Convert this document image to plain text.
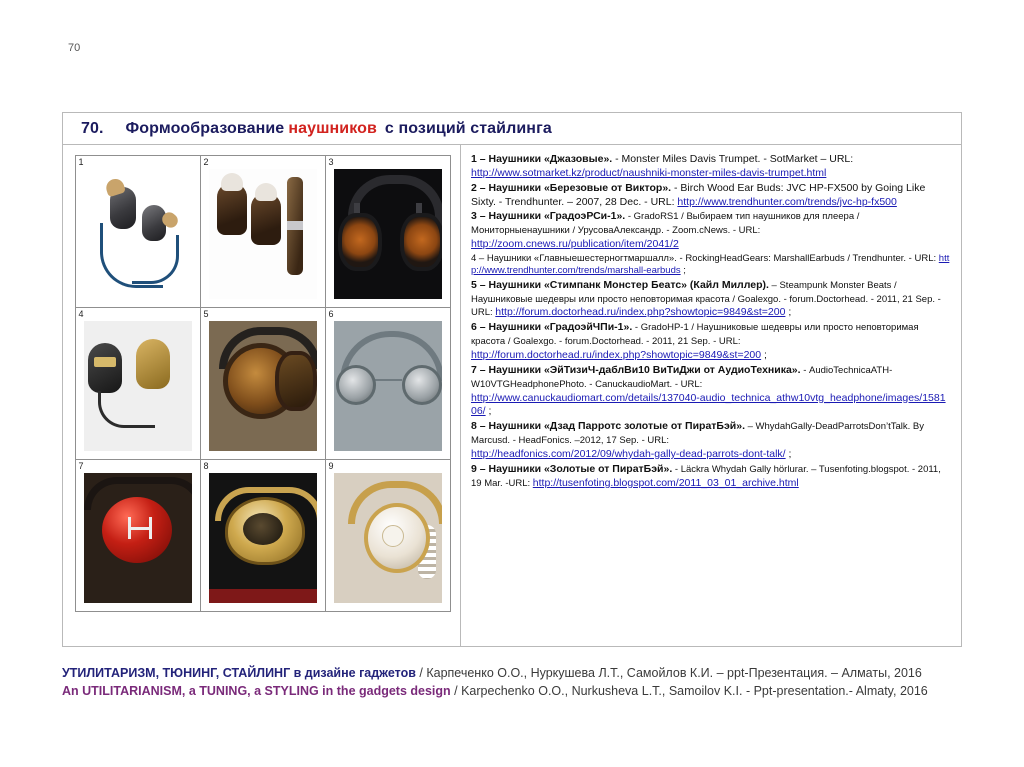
70
70. Формообразование наушников с позиций стайлинга
1	2	3
4	5	6
7	8	9
1 – Наушники «Джазовые». - Monster Miles Davis Trumpet. - SotMarket – URL:
http://www.sotmarket.kz/product/naushniki-monster-miles-davis-trumpet.html
2 – Наушники «Березовые от Виктор». - Birch Wood Ear Buds: JVC HP-FX500 by Going Like Sixty. - Trendhunter. – 2007, 28 Dec. - URL: http://www.trendhunter.com/trends/jvc-hp-fx500
3 – Наушники «ГрадоэРСи-1». - GradoRS1 / Выбираем тип наушников для плеера / Мониторныенаушники / УрусоваАлександр. - Zoom.cNews. - URL:
http://zoom.cnews.ru/publication/item/2041/2
4 – Наушники «Главныешестерногтмаршалл». - RockingHeadGears: MarshallEarbuds / Trendhunter. - URL: http://www.trendhunter.com/trends/marshall-earbuds ;
5 – Наушники «Стимпанк Монстер Беатс» (Кайл Миллер). – Steampunk Monster Beats / Наушниковые шедевры или просто неповторимая красота / Goalexgo. - forum.Doctorhead. - 2011, 21 Sep. - URL: http://forum.doctorhead.ru/index.php?showtopic=9849&st=200 ;
6 – Наушники «ГрадоэйЧПи-1». - GradoHP-1 / Наушниковые шедевры или просто неповторимая красота / Goalexgo. - forum.Doctorhead. - 2011, 21 Sep. - URL:
http://forum.doctorhead.ru/index.php?showtopic=9849&st=200 ;
7 – Наушники «ЭйТизиЧ-даблВи10 ВиТиДжи от АудиоТехника». - AudioTechnicaATH-W10VTGHeadphonePhoto. - CanuckaudioMart. - URL:
http://www.canuckaudiomart.com/details/137040-audio_technica_athw10vtg_headphone/images/158106/ ;
8 – Наушники «Дзад Парротс золотые от ПиратБэй». – WhydahGally-DeadParrotsDon’tTalk. By Marcusd. - HeadFonics. –2012, 17 Sep. - URL:
http://headfonics.com/2012/09/whydah-gally-dead-parrots-dont-talk/ ;
9 – Наушники «Золотые от ПиратБэй». - Läckra Whydah Gally hörlurar. – Tusenfoting.blogspot. - 2011, 19 Mar. -URL: http://tusenfoting.blogspot.com/2011_03_01_archive.html
УТИЛИТАРИЗМ, ТЮНИНГ, СТАЙЛИНГ в дизайне гаджетов / Карпеченко О.О., Нуркушева Л.Т., Самойлов К.И. – ppt-Презентация. – Алматы, 2016
An UTILITARIANISM, a TUNING, a STYLING in the gadgets design / Karpechenko O.O., Nurkusheva L.T., Samoilov K.I. - Ppt-presentation.- Almaty, 2016
